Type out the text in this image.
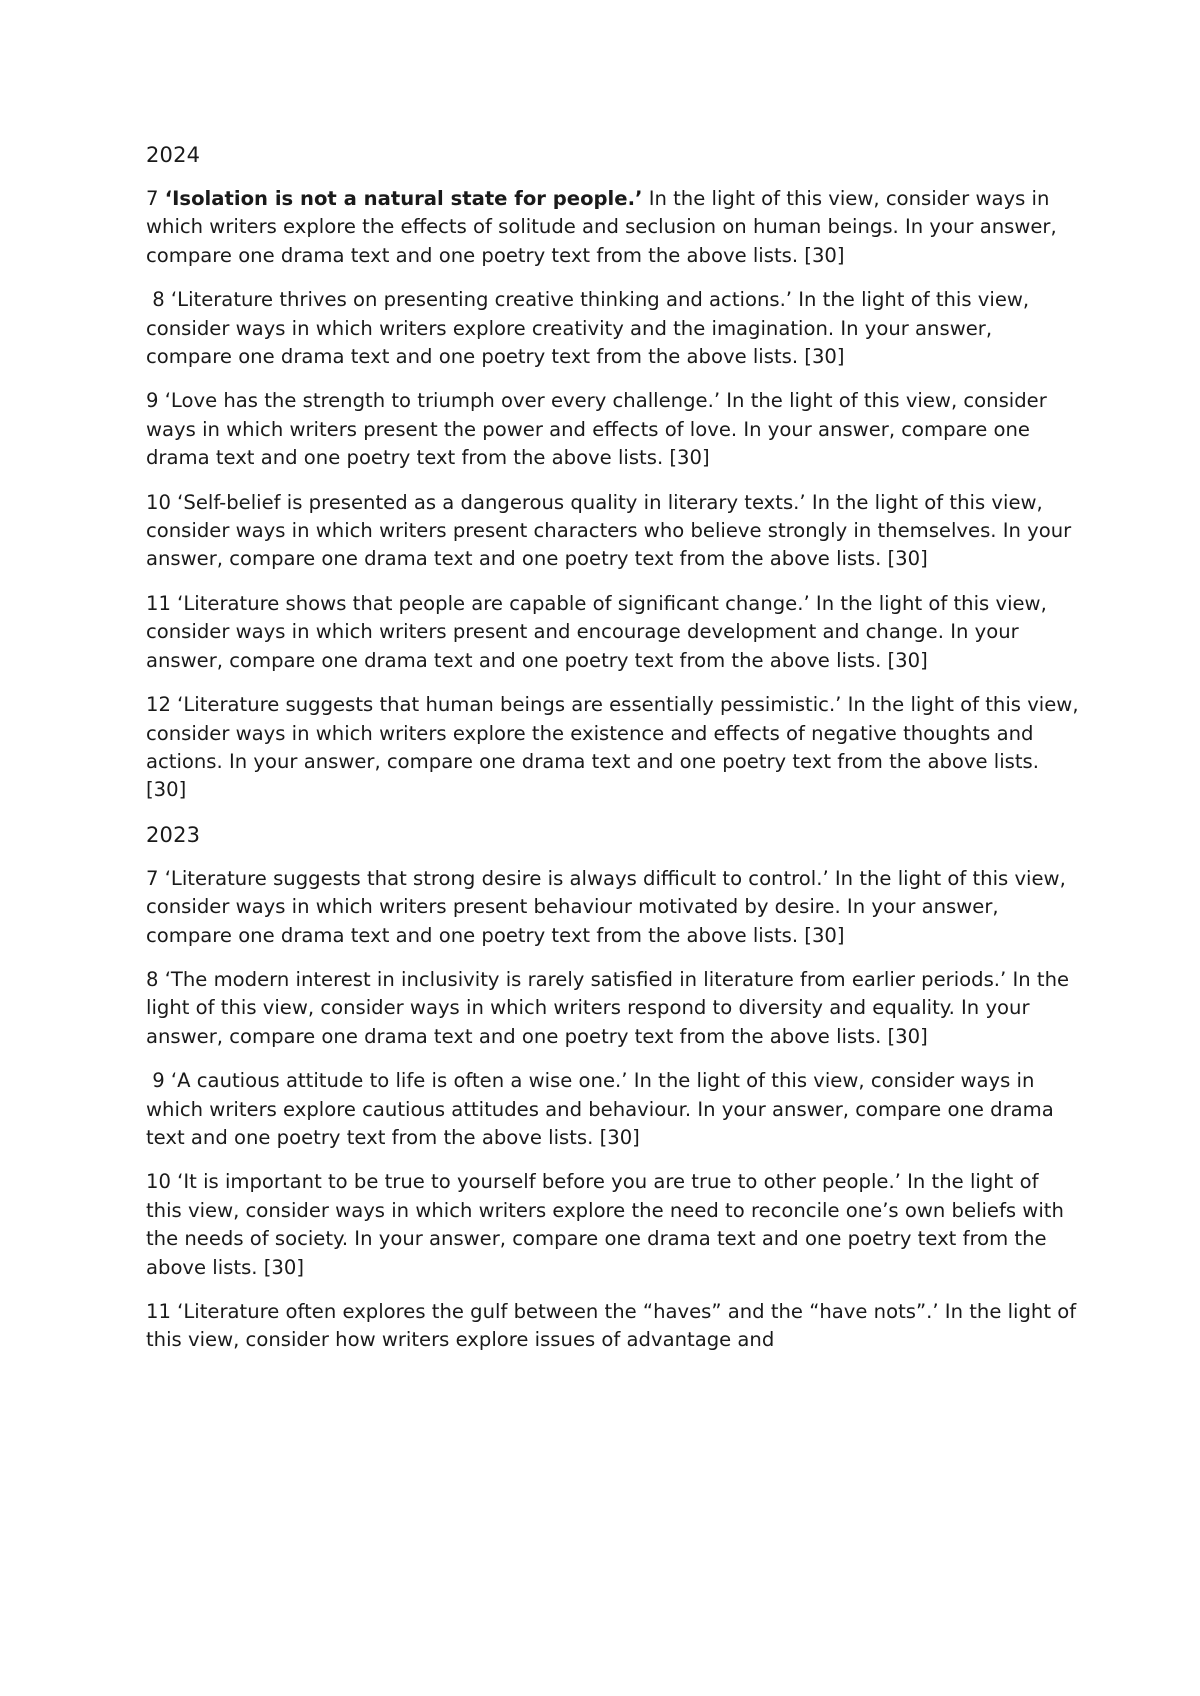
2024

7 ‘Isolation is not a natural state for people.’ In the light of this view, consider ways in which writers explore the effects of solitude and seclusion on human beings. In your answer, compare one drama text and one poetry text from the above lists. [30]

8 ‘Literature thrives on presenting creative thinking and actions.’ In the light of this view, consider ways in which writers explore creativity and the imagination. In your answer, compare one drama text and one poetry text from the above lists. [30]

9 ‘Love has the strength to triumph over every challenge.’ In the light of this view, consider ways in which writers present the power and effects of love. In your answer, compare one drama text and one poetry text from the above lists. [30]

10 ‘Self-belief is presented as a dangerous quality in literary texts.’ In the light of this view, consider ways in which writers present characters who believe strongly in themselves. In your answer, compare one drama text and one poetry text from the above lists. [30]

11 ‘Literature shows that people are capable of significant change.’ In the light of this view, consider ways in which writers present and encourage development and change. In your answer, compare one drama text and one poetry text from the above lists. [30]

12 ‘Literature suggests that human beings are essentially pessimistic.’ In the light of this view, consider ways in which writers explore the existence and effects of negative thoughts and actions. In your answer, compare one drama text and one poetry text from the above lists. [30]

2023

7 ‘Literature suggests that strong desire is always difficult to control.’ In the light of this view, consider ways in which writers present behaviour motivated by desire. In your answer, compare one drama text and one poetry text from the above lists. [30]

8 ‘The modern interest in inclusivity is rarely satisfied in literature from earlier periods.’ In the light of this view, consider ways in which writers respond to diversity and equality. In your answer, compare one drama text and one poetry text from the above lists. [30]

9 ‘A cautious attitude to life is often a wise one.’ In the light of this view, consider ways in which writers explore cautious attitudes and behaviour. In your answer, compare one drama text and one poetry text from the above lists. [30]

10 ‘It is important to be true to yourself before you are true to other people.’ In the light of this view, consider ways in which writers explore the need to reconcile one’s own beliefs with the needs of society. In your answer, compare one drama text and one poetry text from the above lists. [30]

11 ‘Literature often explores the gulf between the “haves” and the “have nots”.’ In the light of this view, consider how writers explore issues of advantage and
